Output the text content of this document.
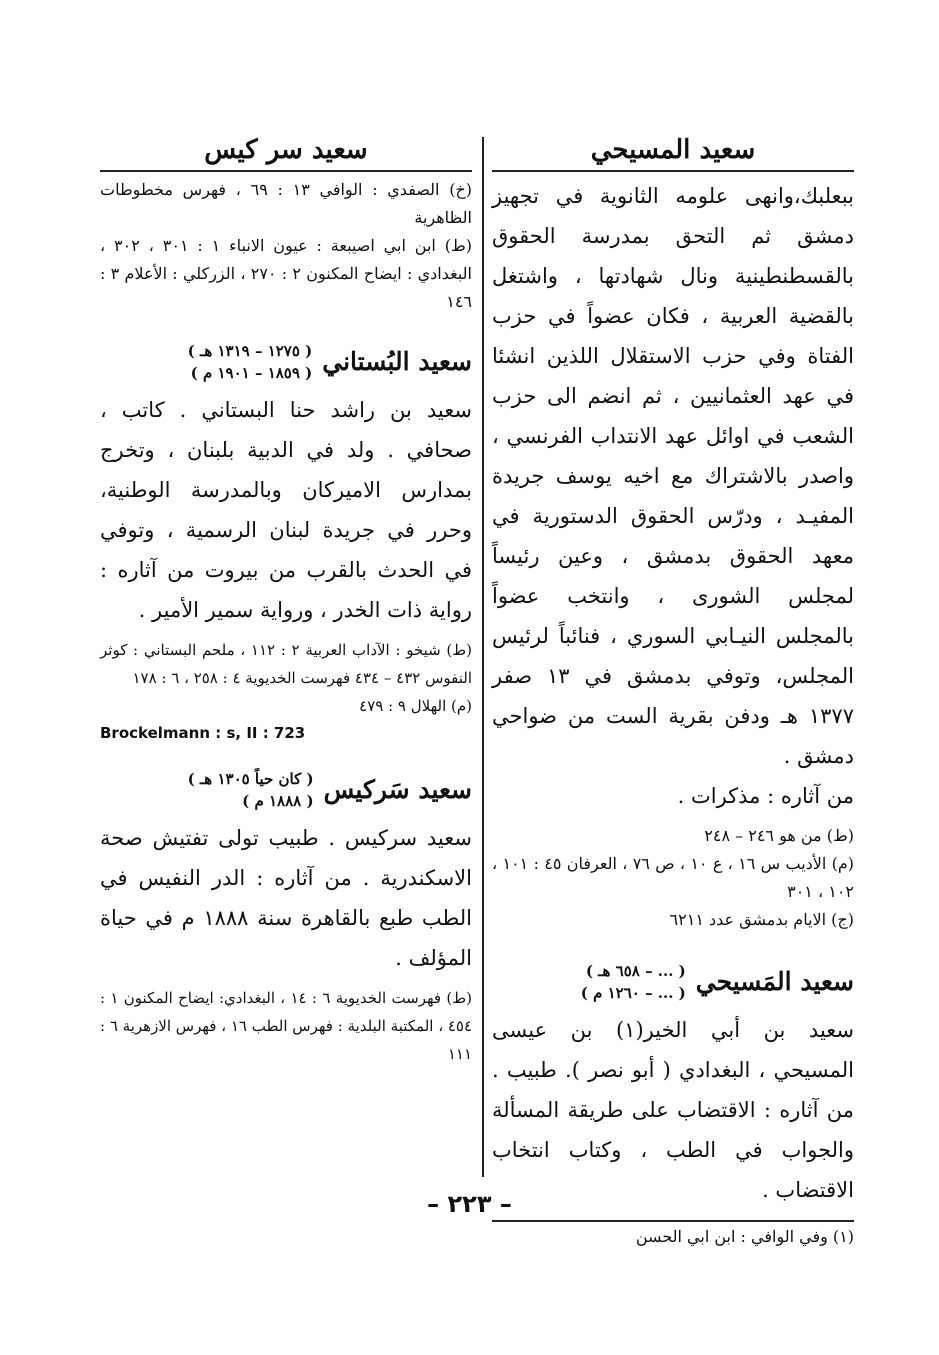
سعيد المسيحي
ببعلبك،وانهى علومه الثانوية في تجهيز دمشق ثم التحق بمدرسة الحقوق بالقسطنطينية ونال شهادتها ، واشتغل بالقضية العربية ، فكان عضواً في حزب الفتاة وفي حزب الاستقلال اللذين انشئا في عهد العثمانيين ، ثم انضم الى حزب الشعب في اوائل عهد الانتداب الفرنسي ، واصدر بالاشتراك مع اخيه يوسف جريدة المفيـد ، ودرّس الحقوق الدستورية في معهد الحقوق بدمشق ، وعين رئيساً لمجلس الشورى ، وانتخب عضواً بالمجلس النيـابي السوري ، فنائباً لرئيس المجلس، وتوفي بدمشق في ١٣ صفر ١٣٧٧ هـ ودفن بقرية الست من ضواحي دمشق .
من آثاره : مذكرات .
(ط) من هو ٢٤٦ – ٢٤٨
(م) الأديب س ١٦ ، ع ١٠ ، ص ٧٦ ، العرفان ٤٥ : ١٠١ ، ١٠٢ ، ٣٠١
(ج) الايام بدمشق عدد ٦٢١١
سعيد المَسيحي
( ... – ٦٥٨ هـ )
( ... – ١٢٦٠ م )
سعيد بن أبي الخير(١) بن عيسى المسيحي ، البغدادي ( أبو نصر ). طبيب . من آثاره : الاقتضاب على طريقة المسألة والجواب في الطب ، وكتاب انتخاب الاقتضاب .
(١) وفي الوافي : ابن ابي الحسن
سعيد سر كيس
(خ) الصفدي : الوافي ١٣ : ٦٩ ، فهرس مخطوطات الظاهرية
(ط) ابن ابي اصيبعة : عيون الانباء ١ : ٣٠١ ، ٣٠٢ ، البغدادي : ايضاح المكنون ٢ : ٢٧٠ ، الزركلي : الأعلام ٣ : ١٤٦
سعيد البُستاني
( ١٢٧٥ – ١٣١٩ هـ )
( ١٨٥٩ – ١٩٠١ م )
سعيد بن راشد حنا البستاني . كاتب ، صحافي . ولد في الدبية بلبنان ، وتخرج بمدارس الاميركان وبالمدرسة الوطنية، وحرر في جريدة لبنان الرسمية ، وتوفي في الحدث بالقرب من بيروت من آثاره : رواية ذات الخدر ، ورواية سمير الأمير .
(ط) شيخو : الآداب العربية ٢ : ١١٢ ، ملحم البستاني : كوثر النفوس ٤٣٢ – ٤٣٤ فهرست الخديوية ٤ : ٢٥٨ ، ٦ : ١٧٨
(م) الهلال ٩ : ٤٧٩
Brockelmann : s, II : 723
سعيد سَركيس
( كان حياً ١٣٠٥ هـ )
( ١٨٨٨ م )
سعيد سركيس . طبيب تولى تفتيش صحة الاسكندرية . من آثاره : الدر النفيس في الطب طبع بالقاهرة سنة ١٨٨٨ م في حياة المؤلف .
(ط) فهرست الخديوية ٦ : ١٤ ، البغدادي: ايضاح المكنون ١ : ٤٥٤ ، المكتبة البلدية : فهرس الطب ١٦ ، فهرس الازهرية ٦ : ١١١
– ٢٢٣ –
